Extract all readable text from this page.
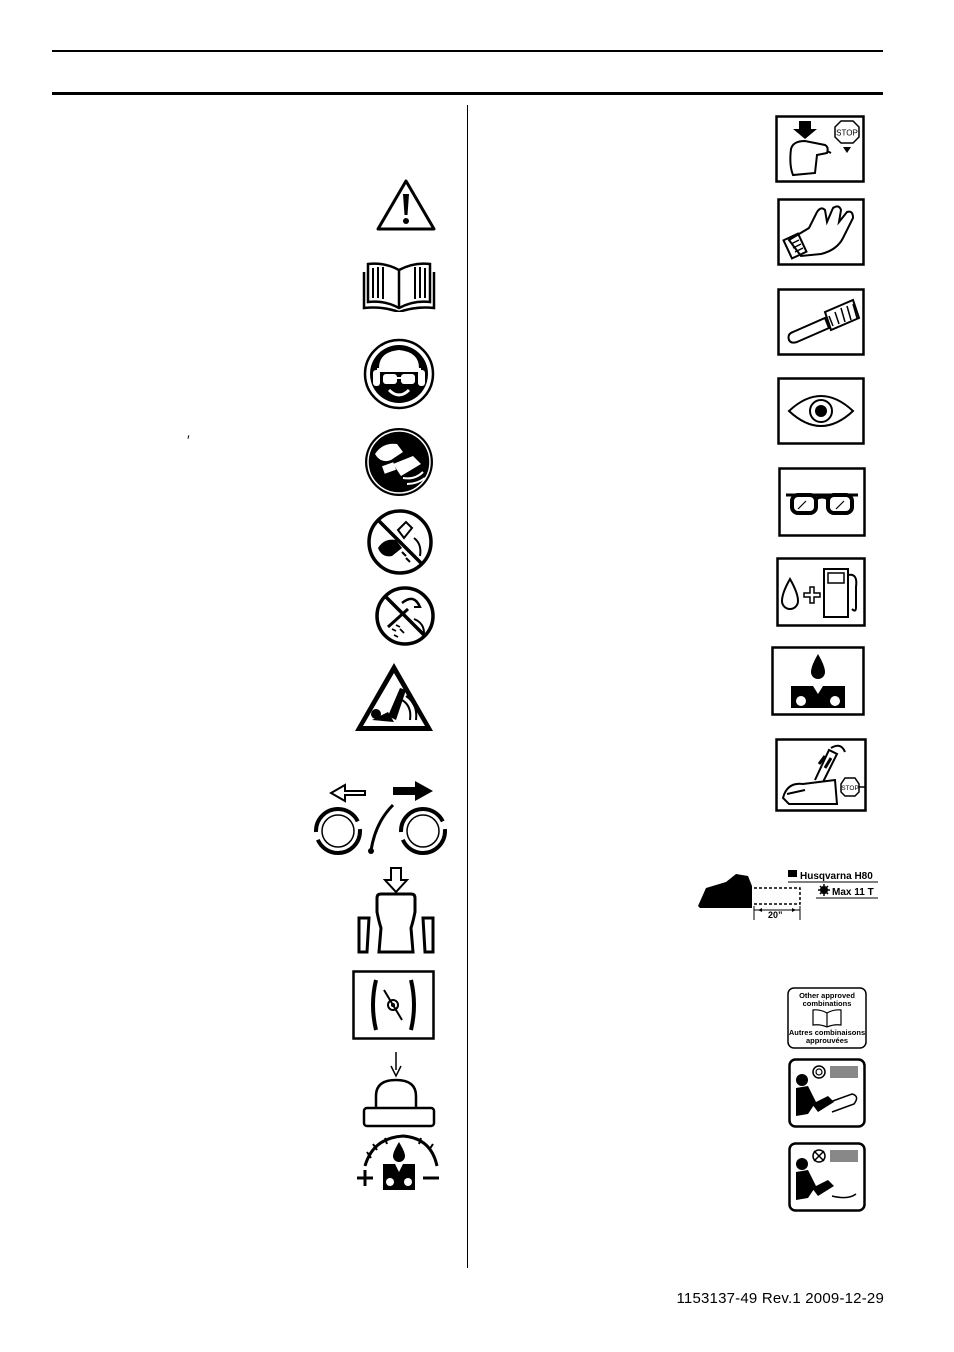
′
STOP
STOP
20”
Husqvarna H80
Max 11 T
Other approved
combinations
Autres combinaisons
approuvées
1153137-49 Rev.1 2009-12-29
